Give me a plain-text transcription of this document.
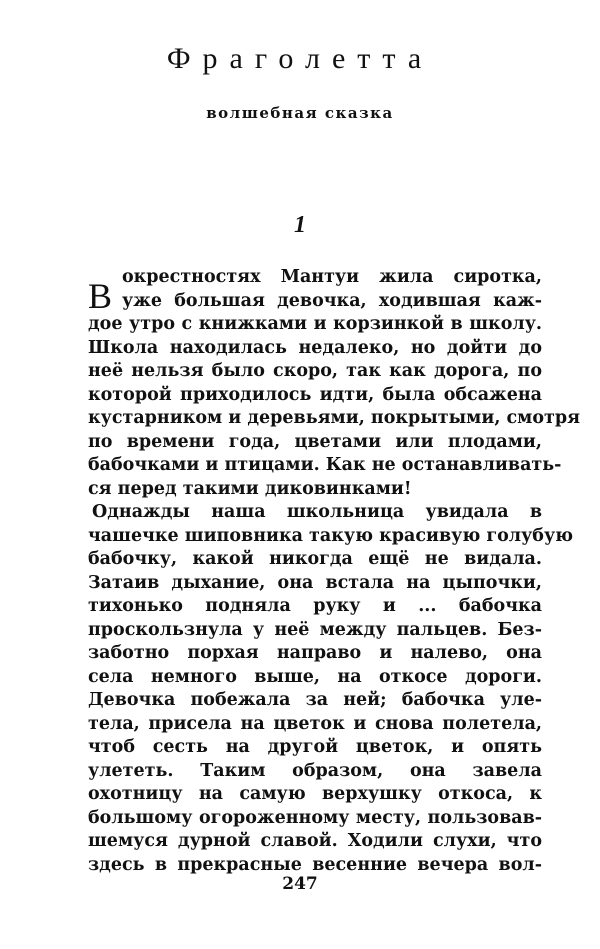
Фраголетта
волшебная сказка
1
В окрестностях Мантуи жила сиротка,
уже большая девочка, ходившая каж-
дое утро с книжками и корзинкой в школу.
Школа находилась недалеко, но дойти до
неё нельзя было скоро, так как дорога, по
которой приходилось идти, была обсажена
кустарником и деревьями, покрытыми, смотря
по времени года, цветами или плодами,
бабочками и птицами. Как не останавливать-
ся перед такими диковинками!
Однажды наша школьница увидала в
чашечке шиповника такую красивую голубую
бабочку, какой никогда ещё не видала.
Затаив дыхание, она встала на цыпочки,
тихонько подняла руку и ... бабочка
проскользнула у неё между пальцев. Без-
заботно порхая направо и налево, она
села немного выше, на откосе дороги.
Девочка побежала за ней; бабочка уле-
тела, присела на цветок и снова полетела,
чтоб сесть на другой цветок, и опять
улететь. Таким образом, она завела
охотницу на самую верхушку откоса, к
большому огороженному месту, пользовав-
шемуся дурной славой. Ходили слухи, что
здесь в прекрасные весенние вечера вол-
247
